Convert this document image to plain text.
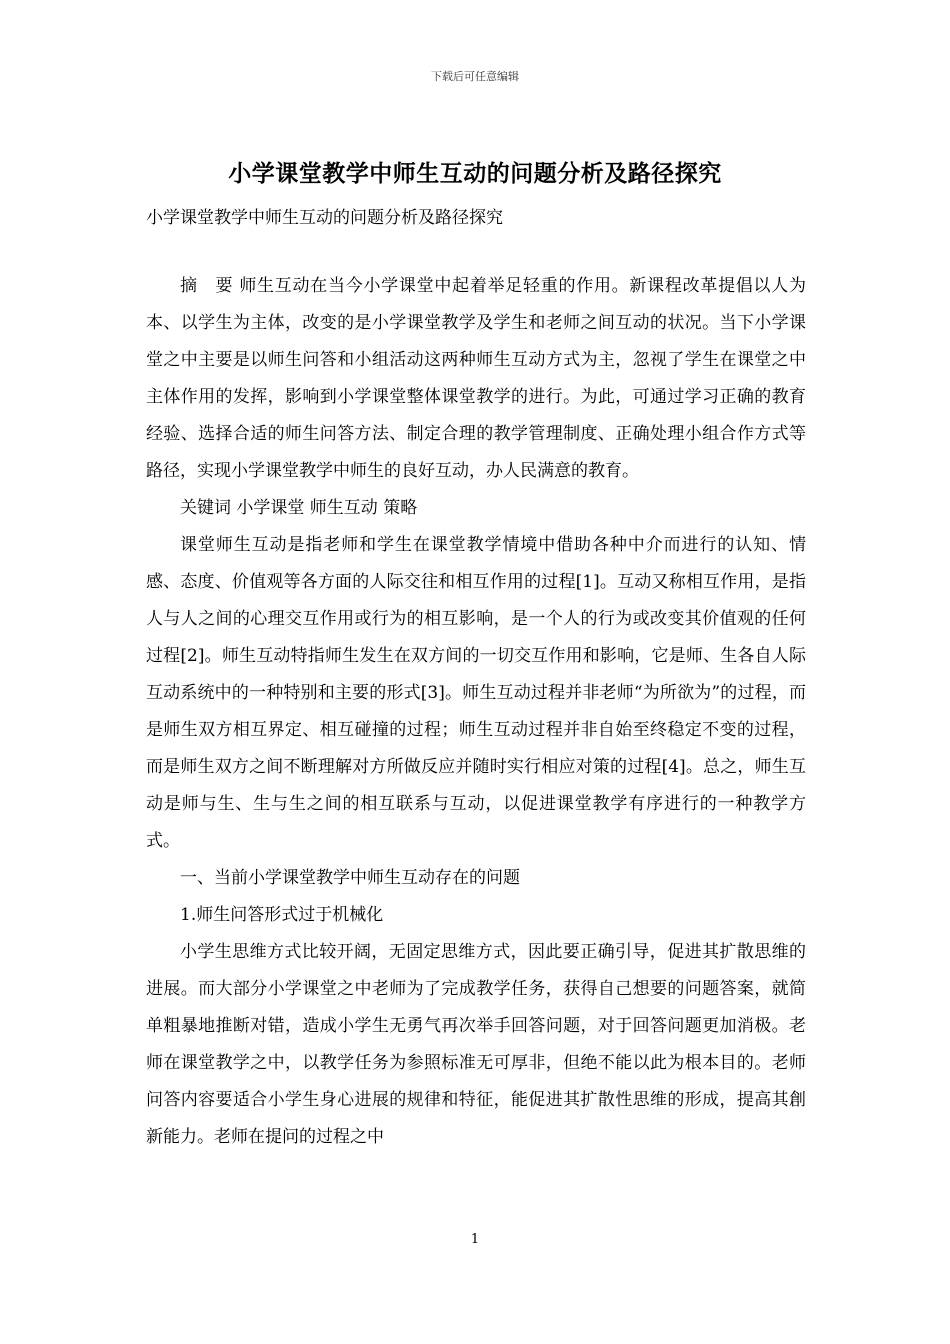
下载后可任意编辑
小学课堂教学中师生互动的问题分析及路径探究
小学课堂教学中师生互动的问题分析及路径探究

摘　要 师生互动在当今小学课堂中起着举足轻重的作用。新课程改革提倡以人为本、以学生为主体，改变的是小学课堂教学及学生和老师之间互动的状况。当下小学课堂之中主要是以师生问答和小组活动这两种师生互动方式为主，忽视了学生在课堂之中主体作用的发挥，影响到小学课堂整体课堂教学的进行。为此，可通过学习正确的教育经验、选择合适的师生问答方法、制定合理的教学管理制度、正确处理小组合作方式等路径，实现小学课堂教学中师生的良好互动，办人民满意的教育。

关键词 小学课堂 师生互动 策略

课堂师生互动是指老师和学生在课堂教学情境中借助各种中介而进行的认知、情感、态度、价值观等各方面的人际交往和相互作用的过程[1]。互动又称相互作用，是指人与人之间的心理交互作用或行为的相互影响，是一个人的行为或改变其价值观的任何过程[2]。师生互动特指师生发生在双方间的一切交互作用和影响，它是师、生各自人际互动系统中的一种特别和主要的形式[3]。师生互动过程并非老师“为所欲为”的过程，而是师生双方相互界定、相互碰撞的过程；师生互动过程并非自始至终稳定不变的过程，而是师生双方之间不断理解对方所做反应并随时实行相应对策的过程[4]。总之，师生互动是师与生、生与生之间的相互联系与互动，以促进课堂教学有序进行的一种教学方式。

一、当前小学课堂教学中师生互动存在的问题

1.师生问答形式过于机械化

小学生思维方式比较开阔，无固定思维方式，因此要正确引导，促进其扩散思维的进展。而大部分小学课堂之中老师为了完成教学任务，获得自己想要的问题答案，就简单粗暴地推断对错，造成小学生无勇气再次举手回答问题，对于回答问题更加消极。老师在课堂教学之中，以教学任务为参照标准无可厚非，但绝不能以此为根本目的。老师问答内容要适合小学生身心进展的规律和特征，能促进其扩散性思维的形成，提高其創新能力。老师在提问的过程之中

1
